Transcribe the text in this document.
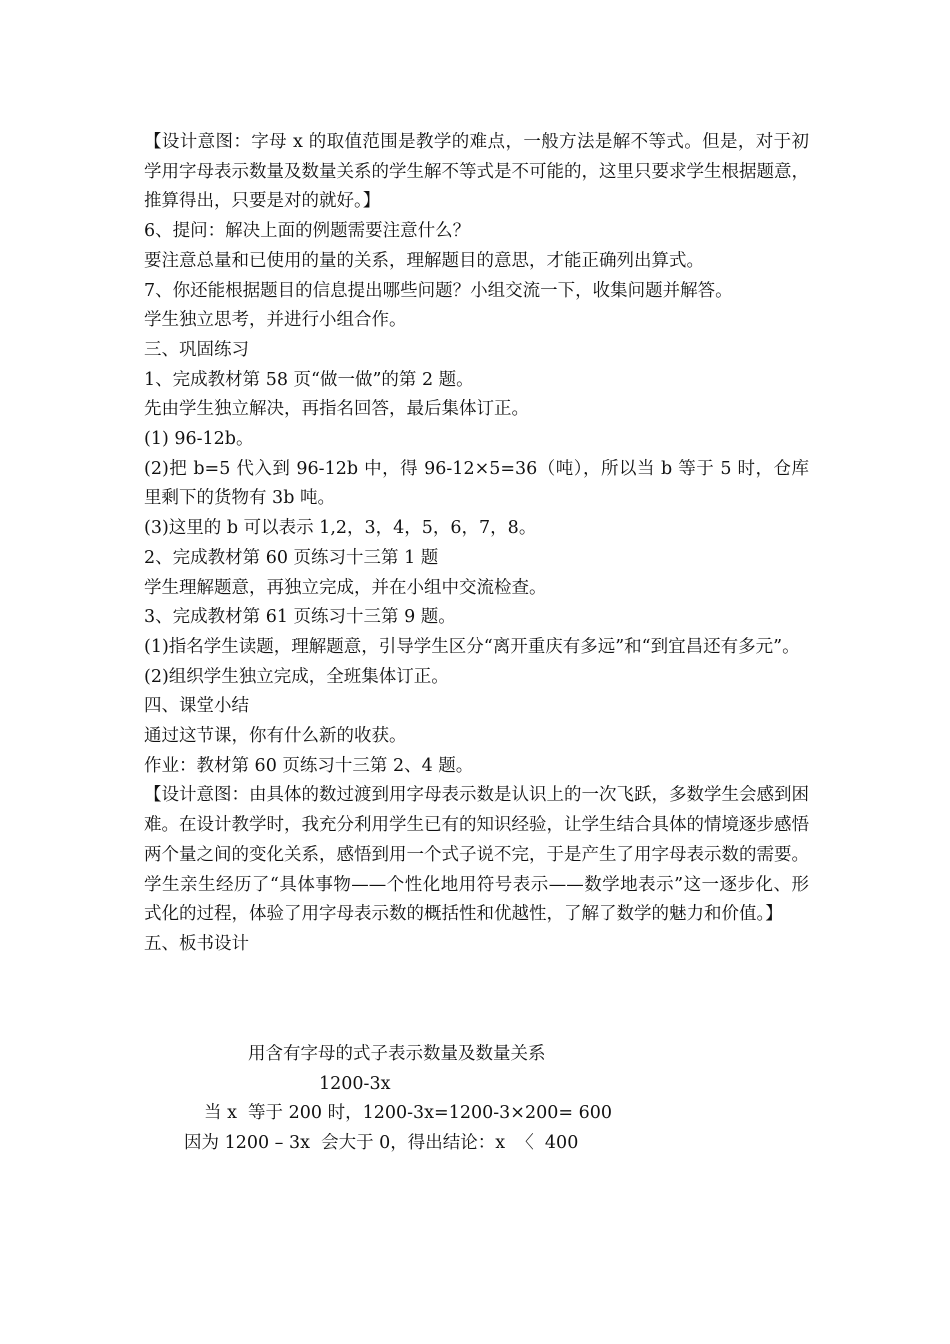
【设计意图：字母 x 的取值范围是教学的难点，一般方法是解不等式。但是，对于初学用字母表示数量及数量关系的学生解不等式是不可能的，这里只要求学生根据题意，推算得出，只要是对的就好。】

6、提问：解决上面的例题需要注意什么？

要注意总量和已使用的量的关系，理解题目的意思，才能正确列出算式。

7、你还能根据题目的信息提出哪些问题？小组交流一下，收集问题并解答。

学生独立思考，并进行小组合作。

三、巩固练习

1、完成教材第 58 页“做一做”的第 2 题。

先由学生独立解决，再指名回答，最后集体订正。

(1) 96-12b。

(2)把 b=5 代入到 96-12b 中，得 96-12×5=36（吨），所以当 b 等于 5 时，仓库里剩下的货物有 3b 吨。

(3)这里的 b 可以表示 1,2，3，4，5，6，7，8。

2、完成教材第 60 页练习十三第 1 题

学生理解题意，再独立完成，并在小组中交流检查。

3、完成教材第 61 页练习十三第 9 题。

(1)指名学生读题，理解题意，引导学生区分“离开重庆有多远”和“到宜昌还有多元”。

(2)组织学生独立完成，全班集体订正。

四、课堂小结

通过这节课，你有什么新的收获。

作业：教材第 60 页练习十三第 2、4 题。

【设计意图：由具体的数过渡到用字母表示数是认识上的一次飞跃，多数学生会感到困难。在设计教学时，我充分利用学生已有的知识经验，让学生结合具体的情境逐步感悟两个量之间的变化关系，感悟到用一个式子说不完，于是产生了用字母表示数的需要。学生亲生经历了“具体事物——个性化地用符号表示——数学地表示”这一逐步化、形式化的过程，体验了用字母表示数的概括性和优越性，了解了数学的魅力和价值。】

五、板书设计

用含有字母的式子表示数量及数量关系
1200-3x
当 x  等于 200 时，1200-3x=1200-3×200= 600
因为 1200 – 3x  会大于 0，得出结论：x  〈  400
